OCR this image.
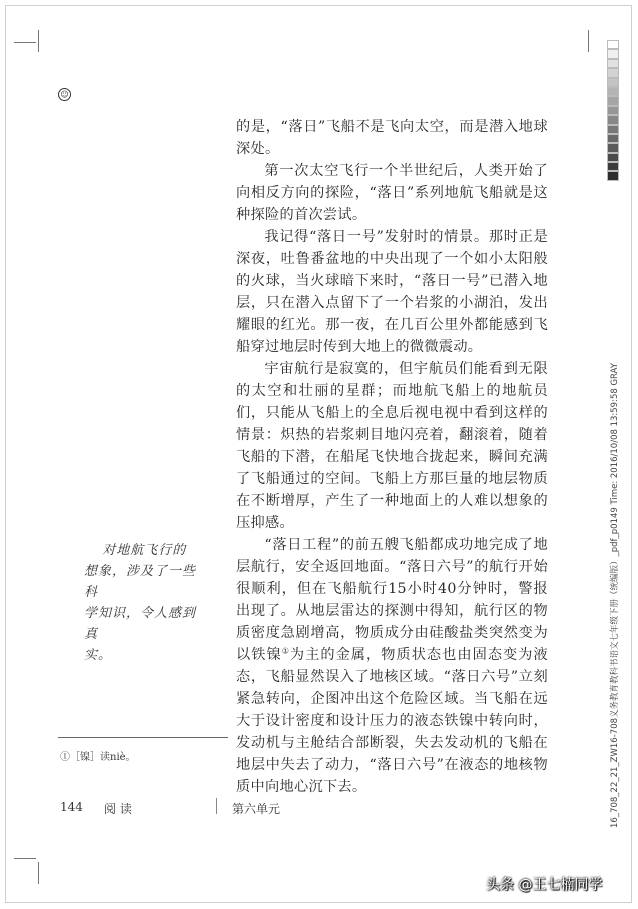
☺

的是，“落日”飞船不是飞向太空，而是潜入地球深处。

第一次太空飞行一个半世纪后，人类开始了向相反方向的探险，“落日”系列地航飞船就是这种探险的首次尝试。

我记得“落日一号”发射时的情景。那时正是深夜，吐鲁番盆地的中央出现了一个如小太阳般的火球，当火球暗下来时，“落日一号”已潜入地层，只在潜入点留下了一个岩浆的小湖泊，发出耀眼的红光。那一夜，在几百公里外都能感到飞船穿过地层时传到大地上的微微震动。

宇宙航行是寂寞的，但宇航员们能看到无限的太空和壮丽的星群；而地航飞船上的地航员们，只能从飞船上的全息后视电视中看到这样的情景：炽热的岩浆刺目地闪亮着，翻滚着，随着飞船的下潜，在船尾飞快地合拢起来，瞬间充满了飞船通过的空间。飞船上方那巨量的地层物质在不断增厚，产生了一种地面上的人难以想象的压抑感。

“落日工程”的前五艘飞船都成功地完成了地层航行，安全返回地面。“落日六号”的航行开始很顺利，但在飞船航行15小时40分钟时，警报出现了。从地层雷达的探测中得知，航行区的物质密度急剧增高，物质成分由硅酸盐类突然变为以铁镍①为主的金属，物质状态也由固态变为液态，飞船显然误入了地核区域。“落日六号”立刻紧急转向，企图冲出这个危险区域。当飞船在远大于设计密度和设计压力的液态铁镍中转向时，发动机与主舱结合部断裂，失去发动机的飞船在地层中失去了动力，“落日六号”在液态的地核物质中向地心沉下去。

对地航飞行的
想象，涉及了一些科
学知识，令人感到真
实。
①［镍］读niè。
144 阅 读	第六单元	16_708_22_21_ZW16-708义务教育教科书语文七年级下册（统编版）_pdf_p0149 Time: 2016/10/08 13:59:58 GRAY
头条 @王七楠同学
